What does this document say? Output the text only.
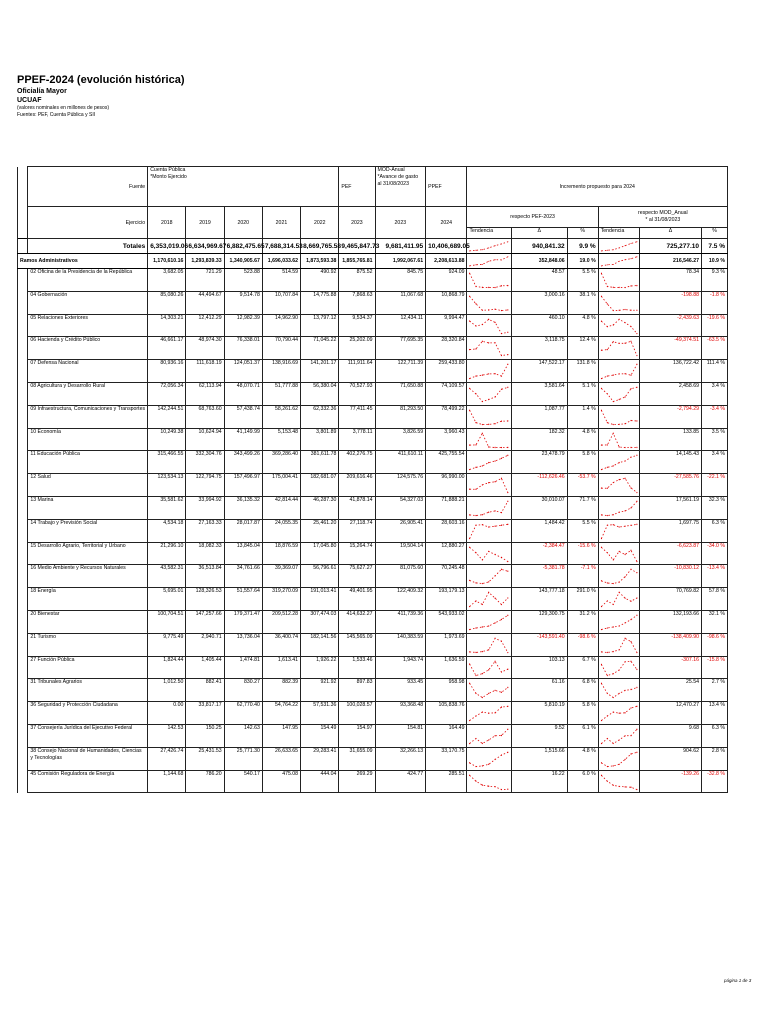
PPEF-2024 (evolución histórica)
Oficialía Mayor
UCUAF
(valores nominales en millones de pesos)
Fuentes: PEF, Cuenta Pública y SII
	Fuente	Cuenta Pública
*Monto Ejercido					PEF	MOD-Anual
*Avance de gasto
al 31/08/2023	PPEF	Incremento propuesto para 2024					
	Ejercicio	2018	2019	2020	2021	2022	2023	2023	2024	respecto PEF-2023			respecto MOD_Anual
* al 31/08/2023		
										Tendencia	Δ	%	Tendencia	Δ	%
	Totales	6,353,019.06	6,634,969.67	6,882,475.65	7,688,314.53	8,669,765.58	9,465,847.73	9,681,411.95	10,406,689.05		940,841.32	9.9 %		725,277.10	7.5 %
Ramos Administrativos		1,170,610.16	1,293,839.33	1,340,905.67	1,696,033.62	1,873,593.38	1,855,765.81	1,992,067.61	2,208,613.88		352,848.06	19.0 %		216,546.27	10.9 %
	02 Oficina de la Presidencia de la República	3,682.05	721.29	523.88	514.59	490.92	875.52	845.75	924.09		48.57	5.5 %		78.34	9.3 %
	04 Gobernación	85,080.26	44,494.67	9,514.78	10,707.84	14,775.88	7,868.63	11,067.68	10,868.79		3,000.16	38.1 %		-198.88	-1.8 %
	05 Relaciones Exteriores	14,303.21	12,412.29	12,982.39	14,962.90	13,797.12	9,534.37	12,434.11	9,994.47		460.10	4.8 %		-2,439.63	-19.6 %
	06 Hacienda y Crédito Público	46,661.17	48,974.30	76,338.01	70,790.44	71,045.22	25,202.09	77,695.35	28,320.84		3,118.75	12.4 %		-49,374.51	-63.5 %
	07 Defensa Nacional	80,936.16	111,618.19	124,051.37	138,916.69	141,201.17	111,911.64	122,711.39	259,433.80		147,522.17	131.8 %		136,722.42	111.4 %
	08 Agricultura y Desarrollo Rural	72,056.34	62,113.94	48,070.71	51,777.88	56,380.04	70,527.93	71,650.88	74,109.57		3,581.64	5.1 %		2,458.69	3.4 %
	09 Infraestructura, Comunicaciones y Transportes	142,244.51	68,763.60	57,438.74	58,261.62	62,332.36	77,411.45	81,293.50	78,499.22		1,087.77	1.4 %		-2,794.29	-3.4 %
	10 Economía	10,249.38	10,624.94	41,149.99	5,153.48	3,801.89	3,778.11	3,826.59	3,960.43		182.32	4.8 %		133.85	3.5 %
	11 Educación Pública	315,466.55	332,304.76	343,499.26	369,286.40	381,611.78	402,276.75	411,610.11	425,755.54		23,478.79	5.8 %		14,145.43	3.4 %
	12 Salud	123,534.13	122,794.75	157,496.97	175,004.41	182,681.07	209,616.46	124,575.76	96,990.00		-112,626.46	-53.7 %		-27,585.76	-22.1 %
	13 Marina	35,581.62	33,994.92	36,135.32	42,814.44	46,287.30	41,878.14	54,327.03	71,888.21		30,010.07	71.7 %		17,561.19	32.3 %
	14 Trabajo y Previsión Social	4,534.18	27,163.33	28,017.87	24,055.35	25,461.20	27,118.74	26,905.41	28,603.16		1,484.42	5.5 %		1,697.75	6.3 %
	15 Desarrollo Agrario, Territorial y Urbano	21,296.10	18,082.33	13,845.04	18,876.59	17,045.80	15,264.74	19,504.14	12,880.27		-2,384.47	-15.6 %		-6,623.87	-34.0 %
	16 Medio Ambiente y Recursos Naturales	43,582.31	36,513.84	34,761.66	39,369.07	56,796.61	75,627.27	81,075.60	70,245.48		-5,381.78	-7.1 %		-10,830.12	-13.4 %
	18 Energía	5,695.01	128,326.53	51,557.64	319,270.09	191,013.41	49,401.95	122,409.32	193,179.13		143,777.18	291.0 %		70,769.82	57.8 %
	20 Bienestar	100,704.51	147,257.66	179,371.47	209,512.28	307,474.03	414,632.27	411,739.36	543,933.02		129,300.75	31.2 %		132,193.66	32.1 %
	21 Turismo	9,775.49	2,940.71	13,736.04	36,400.74	182,141.56	145,565.09	140,383.59	1,973.69		-143,591.40	-98.6 %		-138,409.90	-98.6 %
	27 Función Pública	1,824.44	1,405.44	1,474.81	1,613.41	1,926.22	1,533.46	1,943.74	1,636.59		103.13	6.7 %		-307.16	-15.8 %
	31 Tribunales Agrarios	1,012.50	882.41	830.27	882.39	921.92	897.83	933.45	958.98		61.16	6.8 %		25.54	2.7 %
	36 Seguridad y Protección Ciudadana	0.00	33,817.17	62,770.40	54,764.22	57,531.36	100,028.57	93,368.48	105,838.76		5,810.19	5.8 %		12,470.27	13.4 %
	37 Consejería Jurídica del Ejecutivo Federal	142.53	150.25	142.63	147.95	154.49	154.97	154.81	164.49		9.52	6.1 %		9.68	6.3 %
	38 Consejo Nacional de Humanidades, Ciencias y Tecnologías	27,426.74	25,431.53	25,771.30	26,633.65	29,283.41	31,655.09	32,266.13	33,170.75		1,515.66	4.8 %		904.62	2.8 %
	45 Comisión Reguladora de Energía	1,144.68	786.20	540.17	475.08	444.04	269.29	424.77	285.51		16.22	6.0 %		-139.26	-32.8 %
página 1 de 3
